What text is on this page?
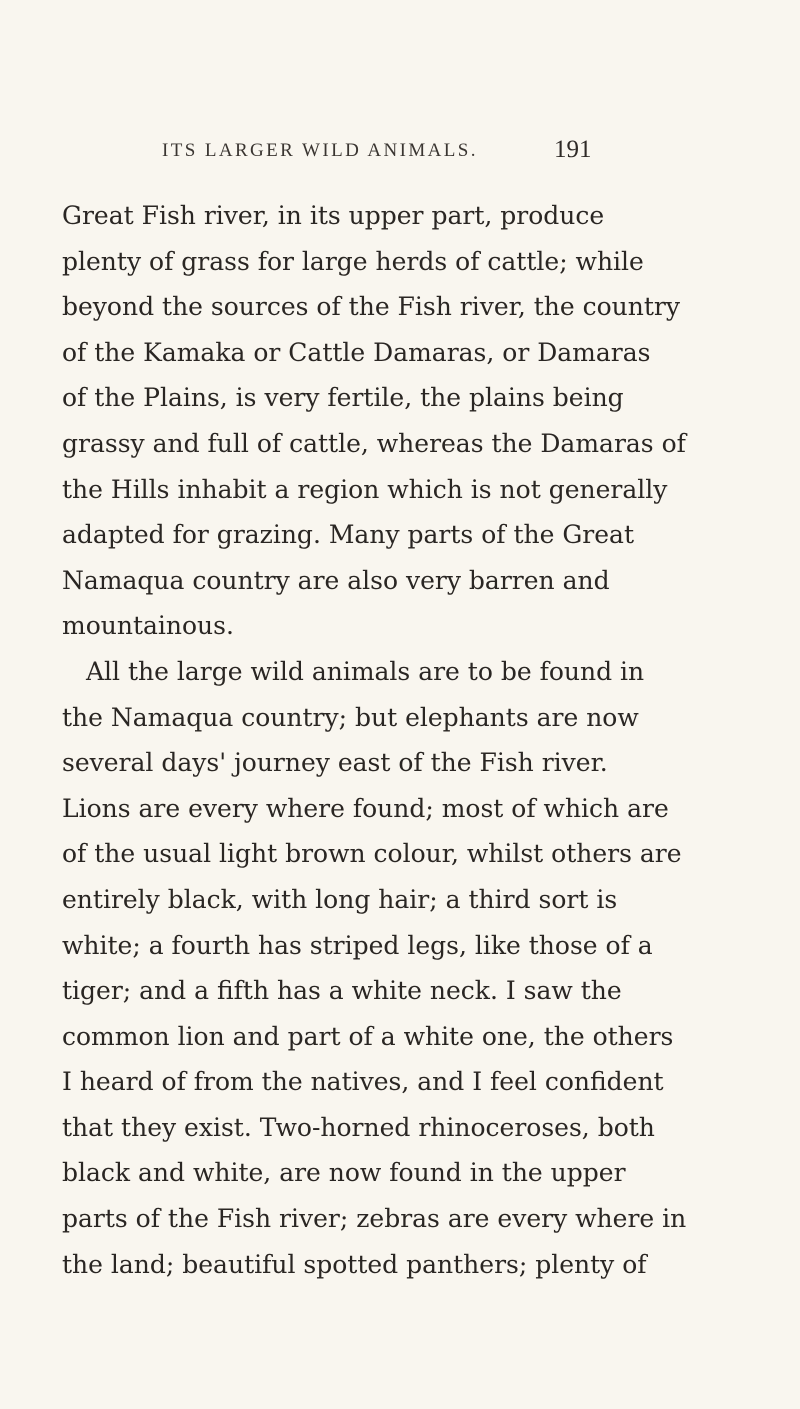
ITS LARGER WILD ANIMALS.	191
Great Fish river, in its upper part, produce
plenty of grass for large herds of cattle; while
beyond the sources of the Fish river, the country
of the Kamaka or Cattle Damaras, or Damaras
of the Plains, is very fertile, the plains being
grassy and full of cattle, whereas the Damaras of
the Hills inhabit a region which is not generally
adapted for grazing. Many parts of the Great
Namaqua country are also very barren and
mountainous.
All the large wild animals are to be found in
the Namaqua country; but elephants are now
several days' journey east of the Fish river.
Lions are every where found; most of which are
of the usual light brown colour, whilst others are
entirely black, with long hair; a third sort is
white; a fourth has striped legs, like those of a
tiger; and a fifth has a white neck. I saw the
common lion and part of a white one, the others
I heard of from the natives, and I feel confident
that they exist. Two-horned rhinoceroses, both
black and white, are now found in the upper
parts of the Fish river; zebras are every where in
the land; beautiful spotted panthers; plenty of
